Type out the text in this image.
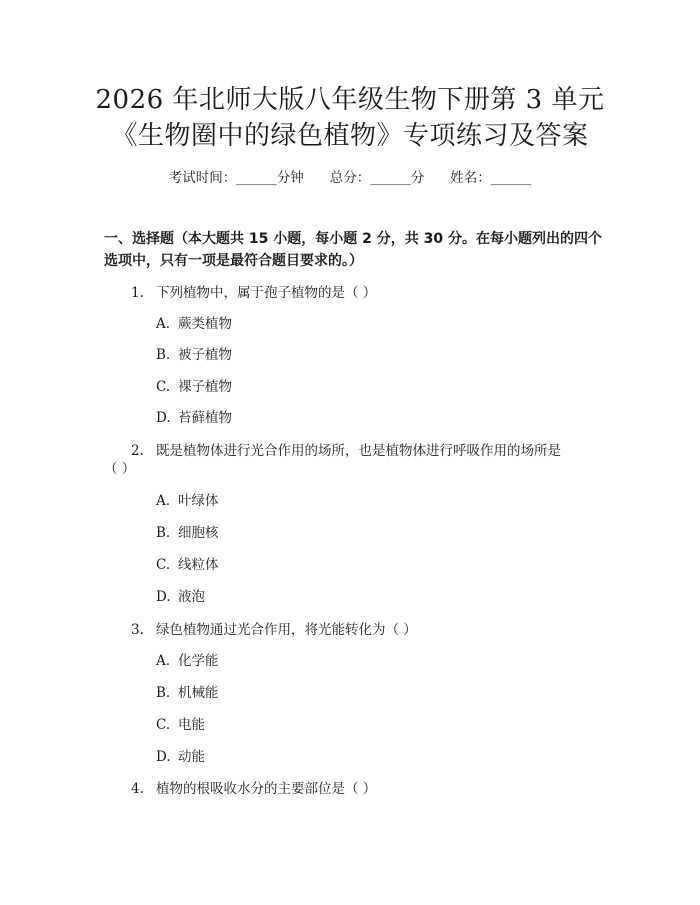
2026 年北师大版八年级生物下册第 3 单元
《生物圈中的绿色植物》专项练习及答案
考试时间：______分钟 总分：______分 姓名：______
一、选择题（本大题共 15 小题，每小题 2 分，共 30 分。在每小题列出的四个选项中，只有一项是最符合题目要求的。）
1. 下列植物中，属于孢子植物的是（ ）
A. 蕨类植物
B. 被子植物
C. 裸子植物
D. 苔藓植物
2. 既是植物体进行光合作用的场所，也是植物体进行呼吸作用的场所是
（ ）
A. 叶绿体
B. 细胞核
C. 线粒体
D. 液泡
3. 绿色植物通过光合作用，将光能转化为（ ）
A. 化学能
B. 机械能
C. 电能
D. 动能
4. 植物的根吸收水分的主要部位是（ ）
